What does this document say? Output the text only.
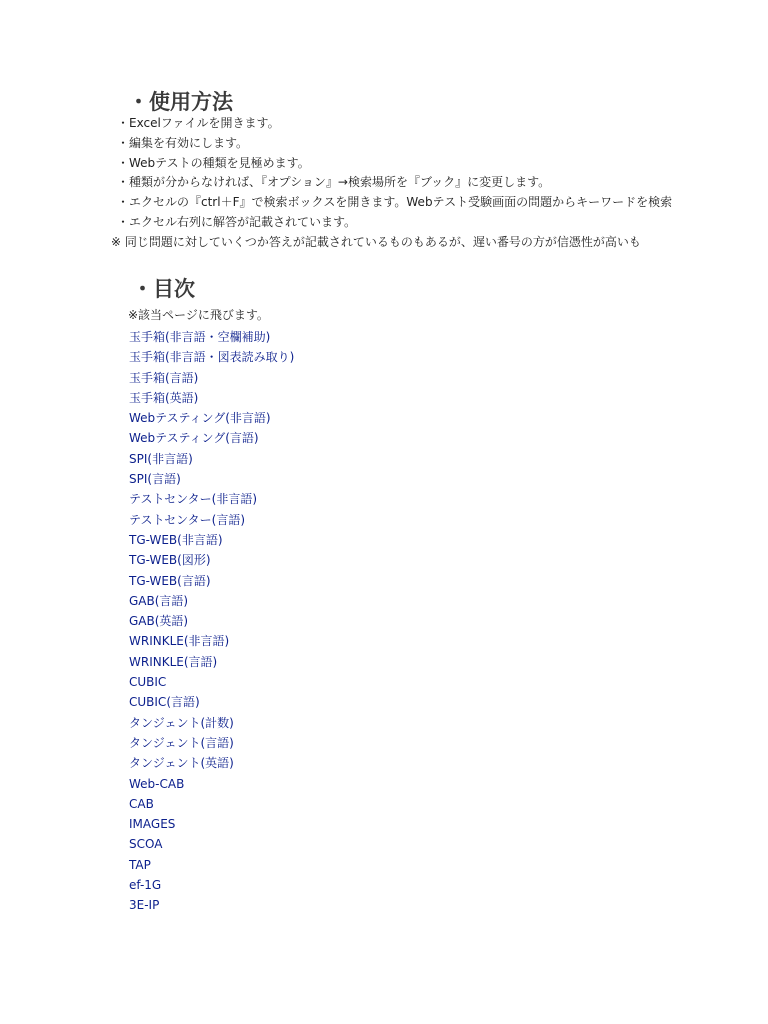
・使用方法
・Excelファイルを開きます。
・編集を有効にします。
・Webテストの種類を見極めます。
・種類が分からなければ、『オプション』→検索場所を『ブック』に変更します。
・エクセルの『ctrl＋F』で検索ボックスを開きます。Webテスト受験画面の問題からキーワードを検索
・エクセル右列に解答が記載されています。
※ 同じ問題に対していくつか答えが記載されているものもあるが、遅い番号の方が信憑性が高いも
・目次
※該当ページに飛びます。
玉手箱(非言語・空欄補助)
玉手箱(非言語・図表読み取り)
玉手箱(言語)
玉手箱(英語)
Webテスティング(非言語)
Webテスティング(言語)
SPI(非言語)
SPI(言語)
テストセンター(非言語)
テストセンター(言語)
TG-WEB(非言語)
TG-WEB(図形)
TG-WEB(言語)
GAB(言語)
GAB(英語)
WRINKLE(非言語)
WRINKLE(言語)
CUBIC
CUBIC(言語)
タンジェント(計数)
タンジェント(言語)
タンジェント(英語)
Web-CAB
CAB
IMAGES
SCOA
TAP
ef-1G
3E-IP
